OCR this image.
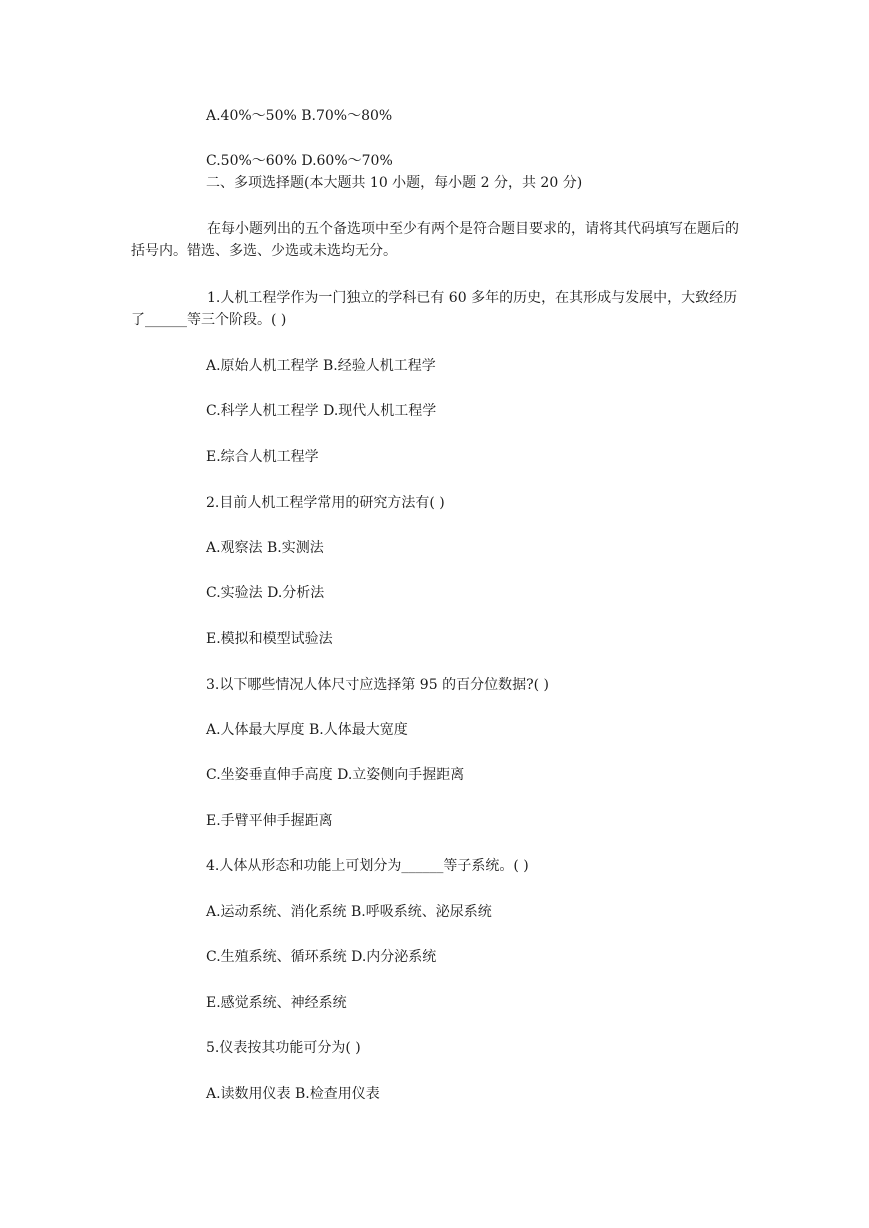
A.40%～50% B.70%～80%

C.50%～60% D.60%～70%

二、多项选择题(本大题共 10 小题，每小题 2 分，共 20 分)

在每小题列出的五个备选项中至少有两个是符合题目要求的，请将其代码填写在题后的括号内。错选、多选、少选或未选均无分。

1.人机工程学作为一门独立的学科已有 60 多年的历史，在其形成与发展中，大致经历了______等三个阶段。( )

A.原始人机工程学 B.经验人机工程学

C.科学人机工程学 D.现代人机工程学

E.综合人机工程学

2.目前人机工程学常用的研究方法有( )

A.观察法 B.实测法

C.实验法 D.分析法

E.模拟和模型试验法

3.以下哪些情况人体尺寸应选择第 95 的百分位数据?( )

A.人体最大厚度 B.人体最大宽度

C.坐姿垂直伸手高度 D.立姿侧向手握距离

E.手臂平伸手握距离

4.人体从形态和功能上可划分为______等子系统。( )

A.运动系统、消化系统 B.呼吸系统、泌尿系统

C.生殖系统、循环系统 D.内分泌系统

E.感觉系统、神经系统

5.仪表按其功能可分为( )

A.读数用仪表 B.检查用仪表
